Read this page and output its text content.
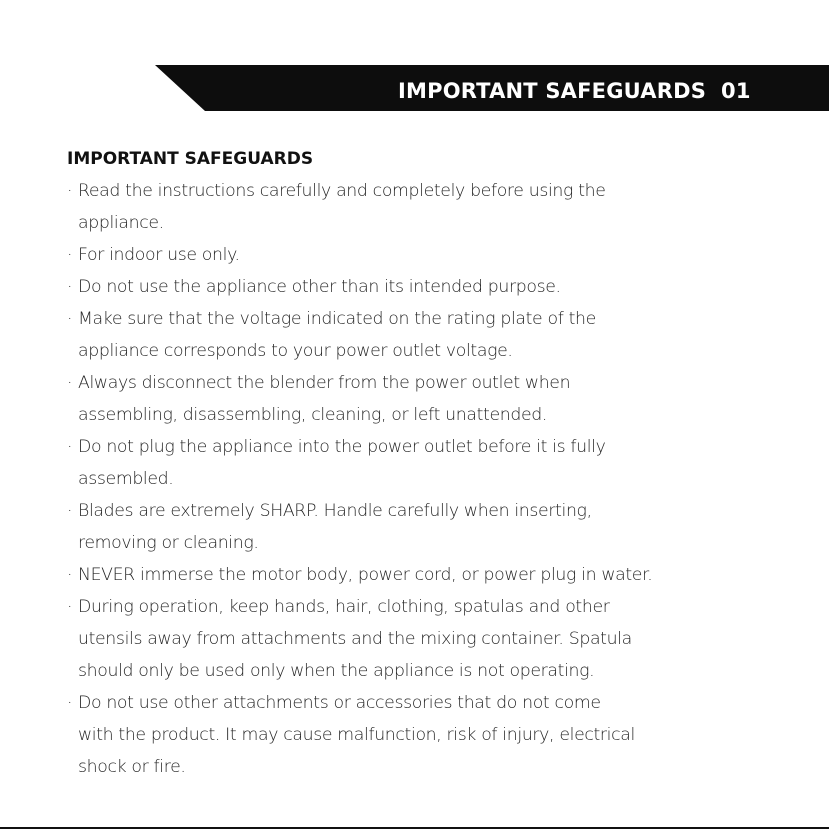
IMPORTANT SAFEGUARDS  01
IMPORTANT SAFEGUARDS
· Read the instructions carefully and completely before using the
appliance.
· For indoor use only.
· Do not use the appliance other than its intended purpose.
· Make sure that the voltage indicated on the rating plate of the
appliance corresponds to your power outlet voltage.
· Always disconnect the blender from the power outlet when
assembling, disassembling, cleaning, or left unattended.
· Do not plug the appliance into the power outlet before it is fully
assembled.
· Blades are extremely SHARP. Handle carefully when inserting,
removing or cleaning.
· NEVER immerse the motor body, power cord, or power plug in water.
· During operation, keep hands, hair, clothing, spatulas and other
utensils away from attachments and the mixing container. Spatula
should only be used only when the appliance is not operating.
· Do not use other attachments or accessories that do not come
with the product. It may cause malfunction, risk of injury, electrical
shock or fire.
